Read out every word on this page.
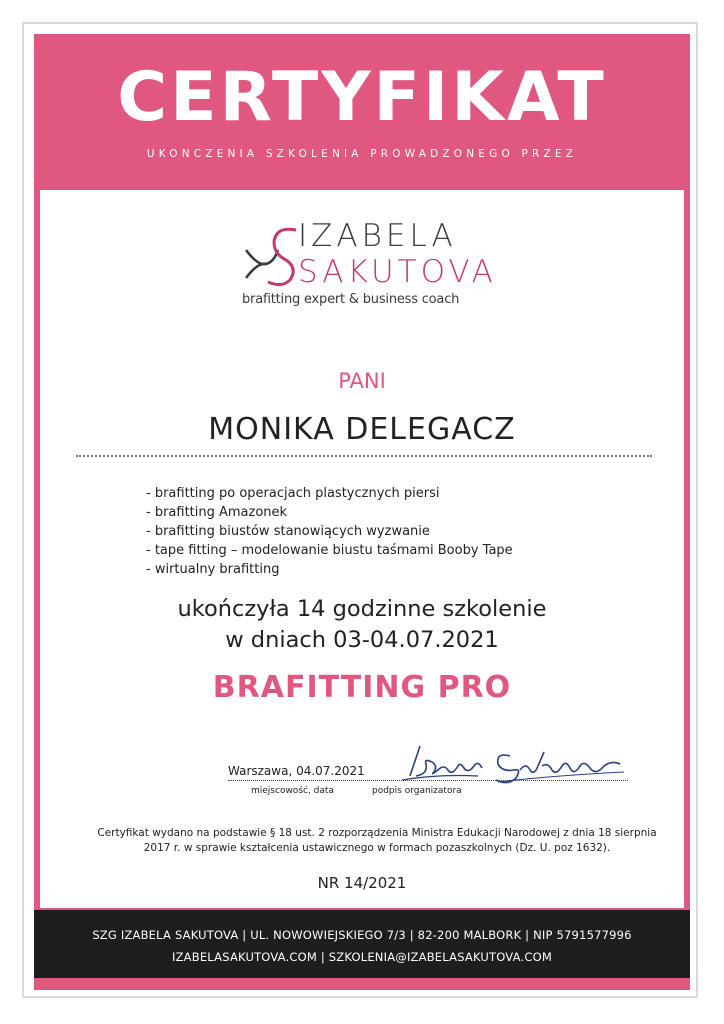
CERTYFIKAT
UKONCZENIA SZKOLENIA PROWADZONEGO PRZEZ
IZABELA
SAKUTOVA
brafitting expert & business coach
PANI
MONIKA DELEGACZ
- brafitting po operacjach plastycznych piersi
- brafitting Amazonek
- brafitting biustów stanowiących wyzwanie
- tape fitting – modelowanie biustu taśmami Booby Tape
- wirtualny brafitting
ukończyła 14 godzinne szkolenie
w dniach 03-04.07.2021
BRAFITTING PRO
Warszawa, 04.07.2021
miejscowość, data	podpis organizatora
Certyfikat wydano na podstawie § 18 ust. 2 rozporządzenia Ministra Edukacji Narodowej z dnia 18 sierpnia 2017 r. w sprawie kształcenia ustawicznego w formach pozaszkolnych (Dz. U. poz 1632).
NR 14/2021
SZG IZABELA SAKUTOVA | UL. NOWOWIEJSKIEGO 7/3 | 82-200 MALBORK | NIP 5791577996
IZABELASAKUTOVA.COM | SZKOLENIA@IZABELASAKUTOVA.COM
